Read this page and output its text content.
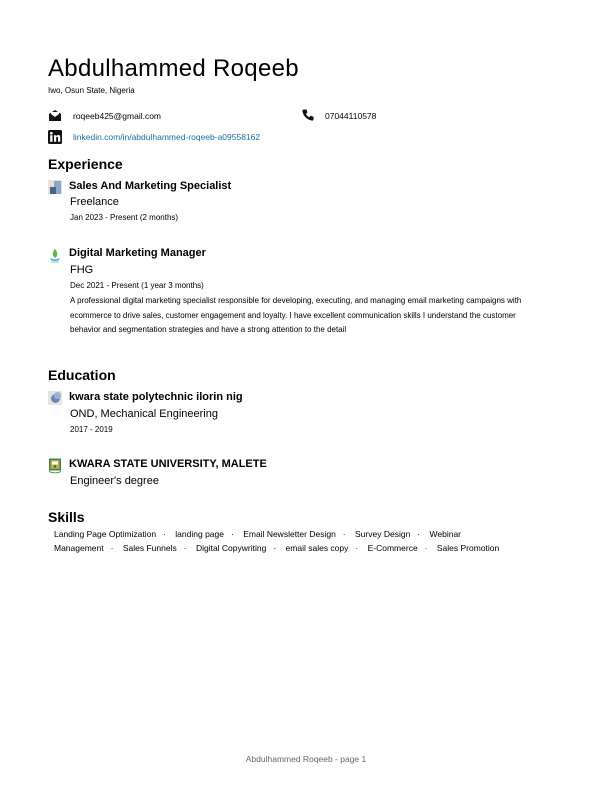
Abdulhammed Roqeeb
Iwo, Osun State, Nigeria
roqeeb425@gmail.com	07044110578
linkedin.com/in/abdulhammed-roqeeb-a09558162
Experience
Sales And Marketing Specialist
Freelance
Jan 2023 - Present (2 months)
Digital Marketing Manager
FHG
Dec 2021 - Present (1 year 3 months)
A professional digital marketing specialist responsible for developing, executing, and managing email marketing campaigns with ecommerce to drive sales, customer engagement and loyalty. I have excellent communication skills I understand the customer behavior and segmentation strategies and have a strong attention to the detail
Education
kwara state polytechnic ilorin nig
OND, Mechanical Engineering
2017 - 2019
KWARA STATE UNIVERSITY, MALETE
Engineer's degree
Skills
Landing Page Optimization · landing page · Email Newsletter Design · Survey Design · Webinar Management · Sales Funnels · Digital Copywriting · email sales copy · E-Commerce · Sales Promotion
Abdulhammed Roqeeb - page 1
